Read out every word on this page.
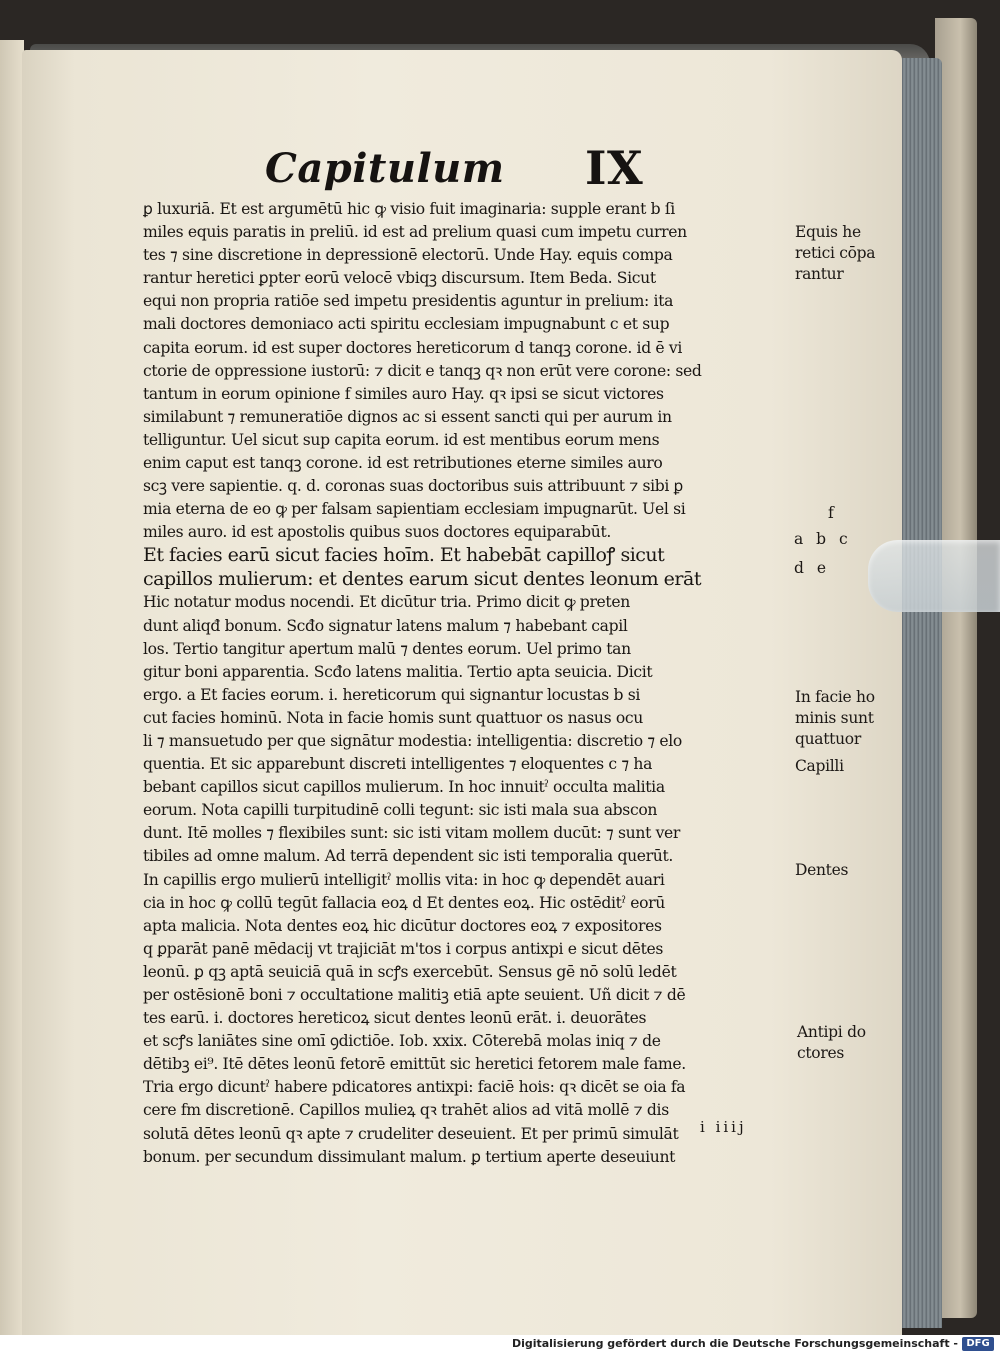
Capitulum IX
ꝑ luxuriā. Et est argumētū hic ꝙ visio fuit imaginaria: supple erant b ſi
miles equis paratis in preliū. id est ad prelium quasi cum impetu curren
tes ⁊ sine discretione in depressionē electorū. Unde Hay. equis compa
rantur heretici ꝑpter eorū velocē vbiqꝫ discursum. Item Beda. Sicut
equi non propria ratiōe sed impetu presidentis aguntur in prelium: ita
mali doctores demoniaco acti spiritu ecclesiam impugnabunt c et sup
capita eorum. id est super doctores hereticorum d tanqꝫ corone. id ē vi
ctorie de oppressione iustorū: ⁊ dicit e tanqꝫ qꝛ non erūt vere corone: sed
tantum in eorum opinione f similes auro Hay. qꝛ ipsi se sicut victores
similabunt ⁊ remuneratiōe dignos ac si essent sancti qui per aurum in
telliguntur. Uel sicut sup capita eorum. id est mentibus eorum mens
enim caput est tanqꝫ corone. id est retributiones eterne similes auro
scꝫ vere sapientie. q. d. coronas suas doctoribus suis attribuunt ⁊ sibi ꝑ
mia eterna de eo ꝙ per falsam sapientiam ecclesiam impugnarūt. Uel si
miles auro. id est apostolis quibus suos doctores equiparabūt.
Et facies earū sicut facies hoīm. Et habebāt capilloꝭ sicut
capillos mulierum: et dentes earum sicut dentes leonum erāt
Hic notatur modus nocendi. Et dicūtur tria. Primo dicit ꝙ preten
dunt aliqđ bonum. Scđo signatur latens malum ⁊ habebant capil
los. Tertio tangitur apertum malū ⁊ dentes eorum. Uel primo tan
gitur boni apparentia. Scđo latens malitia. Tertio apta seuicia. Dicit
ergo. a Et facies eorum. i. hereticorum qui signantur locustas b si
cut facies hominū. Nota in facie homis sunt quattuor os nasus ocu
li ⁊ mansuetudo per que signātur modestia: intelligentia: discretio ⁊ elo
quentia. Et sic apparebunt discreti intelligentes ⁊ eloquentes c ⁊ ha
bebant capillos sicut capillos mulierum. In hoc innuitˀ occulta malitia
eorum. Nota capilli turpitudinē colli tegunt: sic isti mala sua abscon
dunt. Itē molles ⁊ flexibiles sunt: sic isti vitam mollem ducūt: ⁊ sunt ver
tibiles ad omne malum. Ad terrā dependent sic isti temporalia querūt.
In capillis ergo mulierū intelligitˀ mollis vita: in hoc ꝙ dependēt auari
cia in hoc ꝙ collū tegūt fallacia eoꝝ d Et dentes eoꝝ. Hic ostēditˀ eorū
apta malicia. Nota dentes eoꝝ hic dicūtur doctores eoꝝ ⁊ expositores
q ꝑparāt panē mēdacij vt trajiciāt m'tos i corpus antixpi e sicut dētes
leonū. ꝑ qꝫ aptā seuiciā quā in scꝭs exercebūt. Sensus gē nō solū ledēt
per ostēsionē boni ⁊ occultatione malitiꝫ etiā apte seuient. Uñ dicit ⁊ dē
tes earū. i. doctores hereticoꝝ sicut dentes leonū erāt. i. deuorātes
et scꝭs laniātes sine omī ꝯdictiōe. Iob. xxix. Cōterebā molas iniq ⁊ de
dētibꝫ ei⁹. Itē dētes leonū fetorē emittūt sic heretici fetorem male fame.
Tria ergo dicuntˀ habere pdicatores antixpi: faciē hois: qꝛ dicēt se oia fa
cere fm discretionē. Capillos mulieꝝ qꝛ trahēt alios ad vitā mollē ⁊ dis
solutā dētes leonū qꝛ apte ⁊ crudeliter deseuient. Et per primū simulāt
bonum. per secundum dissimulant malum. ꝑ tertium aperte deseuiunt
Equis he
retici cōpa
rantur
f
a b c
d e
In facie ho
minis sunt
quattuor
Capilli
Dentes
Antipi do
ctores
i iiij
Digitalisierung gefördert durch die Deutsche Forschungsgemeinschaft - DFG
